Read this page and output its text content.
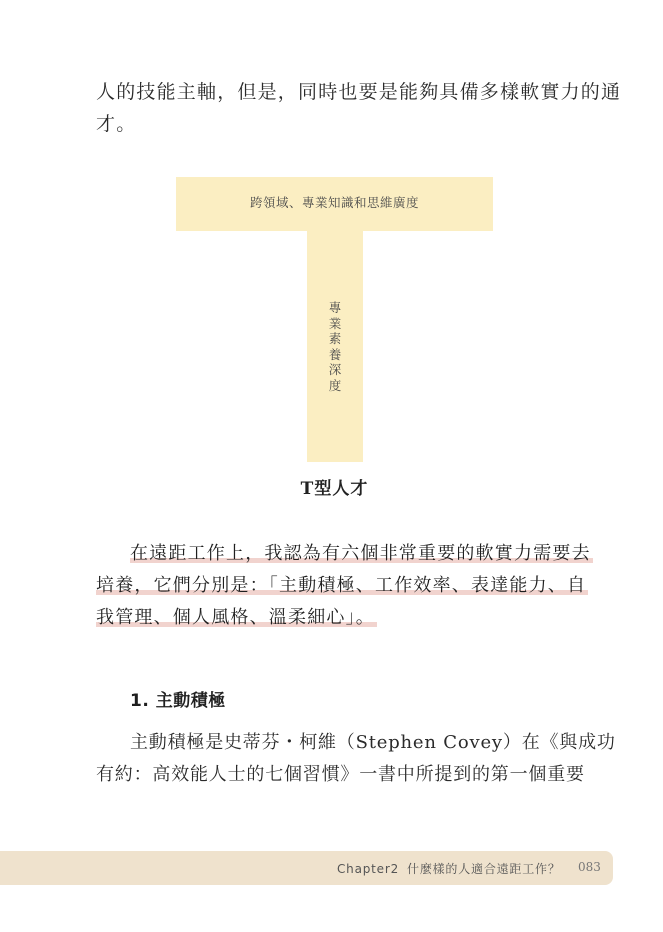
人的技能主軸，但是，同時也要是能夠具備多樣軟實力的通
才。
跨領域、專業知識和思維廣度
專
業
素
養
深
度
T型人才
在遠距工作上，我認為有六個非常重要的軟實力需要去
培養，它們分別是：「主動積極、工作效率、表達能力、自
我管理、個人風格、溫柔細心」。
1. 主動積極
主動積極是史蒂芬・柯維（Stephen Covey）在《與成功
有約：高效能人士的七個習慣》一書中所提到的第一個重要
Chapter2 什麼樣的人適合遠距工作？ 083
